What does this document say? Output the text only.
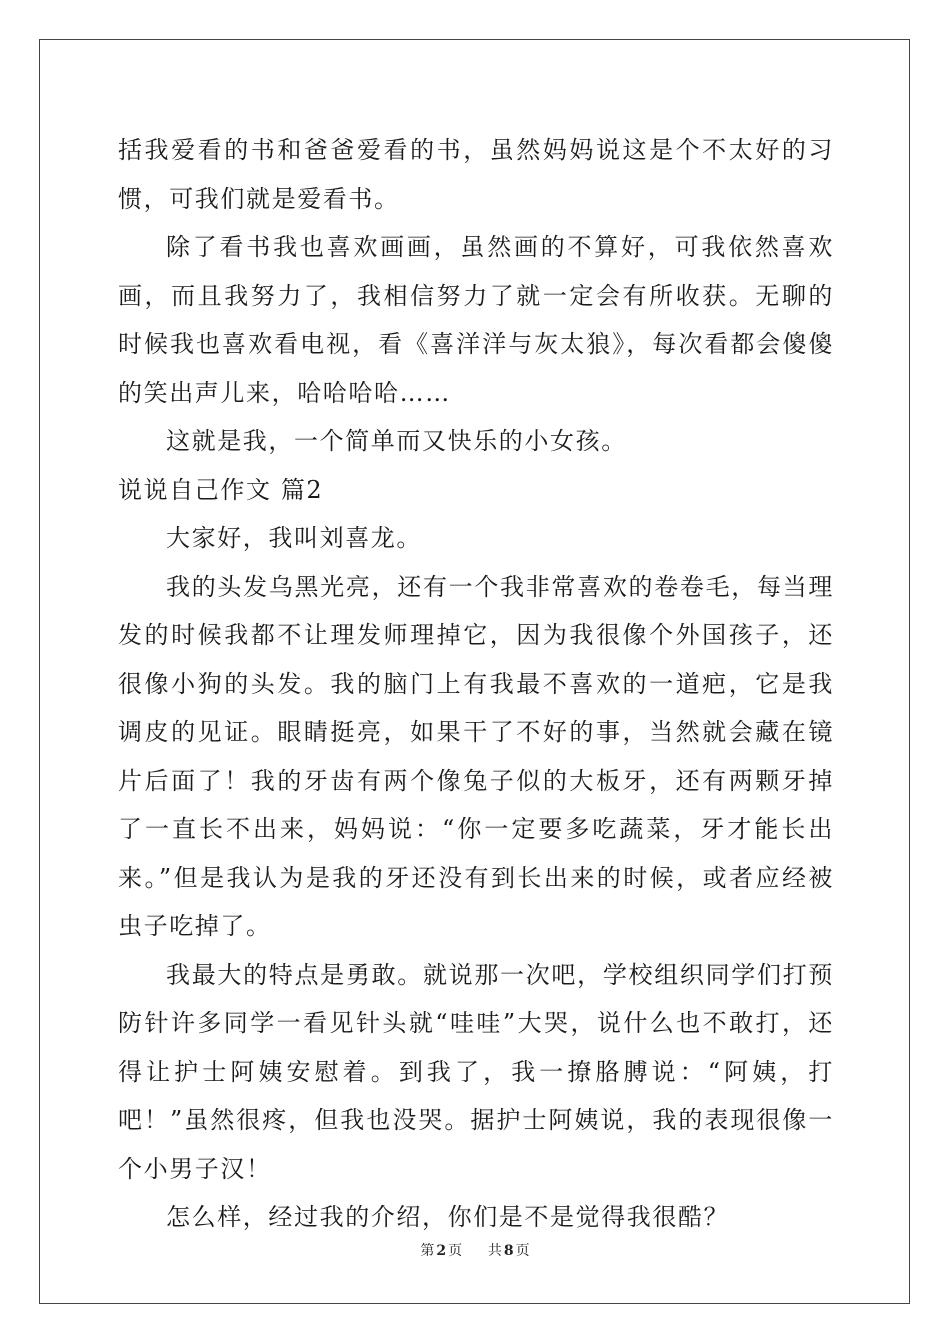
括我爱看的书和爸爸爱看的书，虽然妈妈说这是个不太好的习惯，可我们就是爱看书。

除了看书我也喜欢画画，虽然画的不算好，可我依然喜欢画，而且我努力了，我相信努力了就一定会有所收获。无聊的时候我也喜欢看电视，看《喜洋洋与灰太狼》，每次看都会傻傻的笑出声儿来，哈哈哈哈……

这就是我，一个简单而又快乐的小女孩。

说说自己作文 篇2

大家好，我叫刘喜龙。

我的头发乌黑光亮，还有一个我非常喜欢的卷卷毛，每当理发的时候我都不让理发师理掉它，因为我很像个外国孩子，还很像小狗的头发。我的脑门上有我最不喜欢的一道疤，它是我调皮的见证。眼睛挺亮，如果干了不好的事，当然就会藏在镜片后面了！我的牙齿有两个像兔子似的大板牙，还有两颗牙掉了一直长不出来，妈妈说：“你一定要多吃蔬菜，牙才能长出来。”但是我认为是我的牙还没有到长出来的时候，或者应经被虫子吃掉了。

我最大的特点是勇敢。就说那一次吧，学校组织同学们打预防针许多同学一看见针头就“哇哇”大哭，说什么也不敢打，还得让护士阿姨安慰着。到我了，我一撩胳膊说：“阿姨，打吧！”虽然很疼，但我也没哭。据护士阿姨说，我的表现很像一个小男子汉！

怎么样，经过我的介绍，你们是不是觉得我很酷？

第 2 页 共 8 页
